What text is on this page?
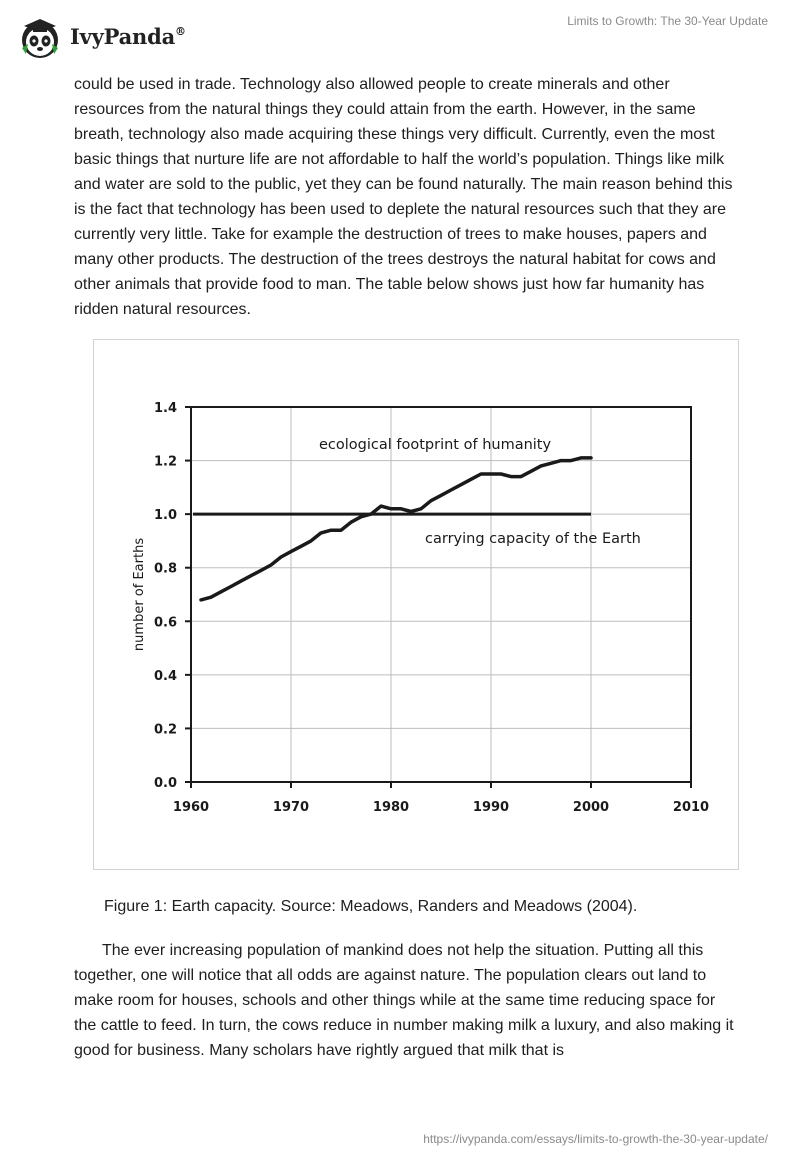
IvyPanda®
Limits to Growth: The 30-Year Update

could be used in trade. Technology also allowed people to create minerals and other resources from the natural things they could attain from the earth. However, in the same breath, technology also made acquiring these things very difficult. Currently, even the most basic things that nurture life are not affordable to half the world’s population. Things like milk and water are sold to the public, yet they can be found naturally. The main reason behind this is the fact that technology has been used to deplete the natural resources such that they are currently very little. Take for example the destruction of trees to make houses, papers and many other products. The destruction of the trees destroys the natural habitat for cows and other animals that provide food to man. The table below shows just how far humanity has ridden natural resources.

1960	1970	1980	1990	2000	2010
0.0
0.2
0.4
0.6
0.8
1.0
1.2
1.4
number of Earths
ecological footprint of humanity
carrying capacity of the Earth

Figure 1: Earth capacity. Source: Meadows, Randers and Meadows (2004).

The ever increasing population of mankind does not help the situation. Putting all this together, one will notice that all odds are against nature. The population clears out land to make room for houses, schools and other things while at the same time reducing space for the cattle to feed. In turn, the cows reduce in number making milk a luxury, and also making it good for business. Many scholars have rightly argued that milk that is

https://ivypanda.com/essays/limits-to-growth-the-30-year-update/
